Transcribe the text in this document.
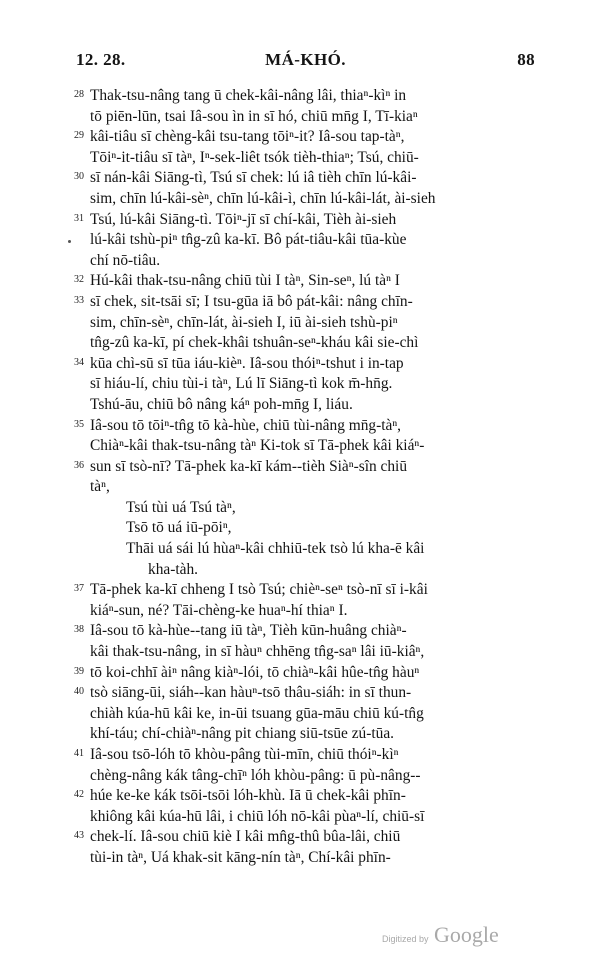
12. 28.	MÁ-KHÓ.	88
28 Thak-tsu-nâng tang ū chek-kâi-nâng lâi, thiaⁿ-kìⁿ in
tō piēn-lūn, tsai Iâ-sou ìn in sī hó, chiū mn̄g I, Tī-kiaⁿ
29 kâi-tiâu sī chèng-kâi tsu-tang tōiⁿ-it? Iâ-sou tap-tàⁿ,
Tōiⁿ-it-tiâu sī tàⁿ, Iⁿ-sek-liêt tsók tièh-thiaⁿ; Tsú, chiū-
30 sī nán-kâi Siāng-tì, Tsú sī chek: lú iâ tièh chīn lú-kâi-
sim, chīn lú-kâi-sèⁿ, chīn lú-kâi-ì, chīn lú-kâi-lát, ài-sieh
31 Tsú, lú-kâi Siāng-tì. Tōiⁿ-jī sī chí-kâi, Tièh ài-sieh
lú-kâi tshù-piⁿ tn̂g-zû ka-kī. Bô pát-tiâu-kâi tūa-kùe
chí nō-tiâu.
32 Hú-kâi thak-tsu-nâng chiū tùi I tàⁿ, Sin-seⁿ, lú tàⁿ I
33 sī chek, sit-tsāi sī; I tsu-gūa iā bô pát-kâi: nâng chīn-
sim, chīn-sèⁿ, chīn-lát, ài-sieh I, iū ài-sieh tshù-piⁿ
tn̂g-zû ka-kī, pí chek-khâi tshuân-seⁿ-kháu kâi sie-chì
34 kūa chì-sū sī tūa iáu-kièⁿ. Iâ-sou thóiⁿ-tshut i in-tap
sī hiáu-lí, chiu tùi-i tàⁿ, Lú lī Siāng-tì kok m̄-hn̄g.
Tshú-āu, chiū bô nâng káⁿ poh-mn̄g I, liáu.
35 Iâ-sou tō tōiⁿ-tn̂g tō kà-hùe, chiū tùi-nâng mn̄g-tàⁿ,
Chiàⁿ-kâi thak-tsu-nâng tàⁿ Ki-tok sī Tā-phek kâi kiáⁿ-
36 sun sī tsò-nī? Tā-phek ka-kī kám--tièh Siàⁿ-sîn chiū
tàⁿ,
Tsú tùi uá Tsú tàⁿ,
Tsō tō uá iū-pōiⁿ,
Thāi uá sái lú hùaⁿ-kâi chhiū-tek tsò lú kha-ē kâi
kha-tàh.
37 Tā-phek ka-kī chheng I tsò Tsú; chièⁿ-seⁿ tsò-nī sī i-kâi
kiáⁿ-sun, né? Tāi-chèng-ke huaⁿ-hí thiaⁿ I.
38 Iâ-sou tō kà-hùe--tang iū tàⁿ, Tièh kūn-huâng chiàⁿ-
kâi thak-tsu-nâng, in sī hàuⁿ chhēng tn̂g-saⁿ lâi iū-kiâⁿ,
39 tō koi-chhī àiⁿ nâng kiàⁿ-lói, tō chiàⁿ-kâi hûe-tn̂g hàuⁿ
40 tsò siāng-ūi, siáh--kan hàuⁿ-tsō thâu-siáh: in sī thun-
chiàh kúa-hū kâi ke, in-ūi tsuang gūa-māu chiū kú-tn̂g
khí-táu; chí-chiàⁿ-nâng pit chiang siū-tsūe zú-tūa.
41 Iâ-sou tsō-lóh tō khòu-pâng tùi-mīn, chiū thóiⁿ-kìⁿ
chèng-nâng kák tâng-chīⁿ lóh khòu-pâng: ū pù-nâng--
42 húe ke-ke kák tsōi-tsōi lóh-khù. Iā ū chek-kâi phīn-
khiông kâi kúa-hū lâi, i chiū lóh nō-kâi pùaⁿ-lí, chiū-sī
43 chek-lí. Iâ-sou chiū kiè I kâi mn̂g-thû bûa-lâi, chiū
tùi-in tàⁿ, Uá khak-sit kāng-nín tàⁿ, Chí-kâi phīn-
Digitized by Google
